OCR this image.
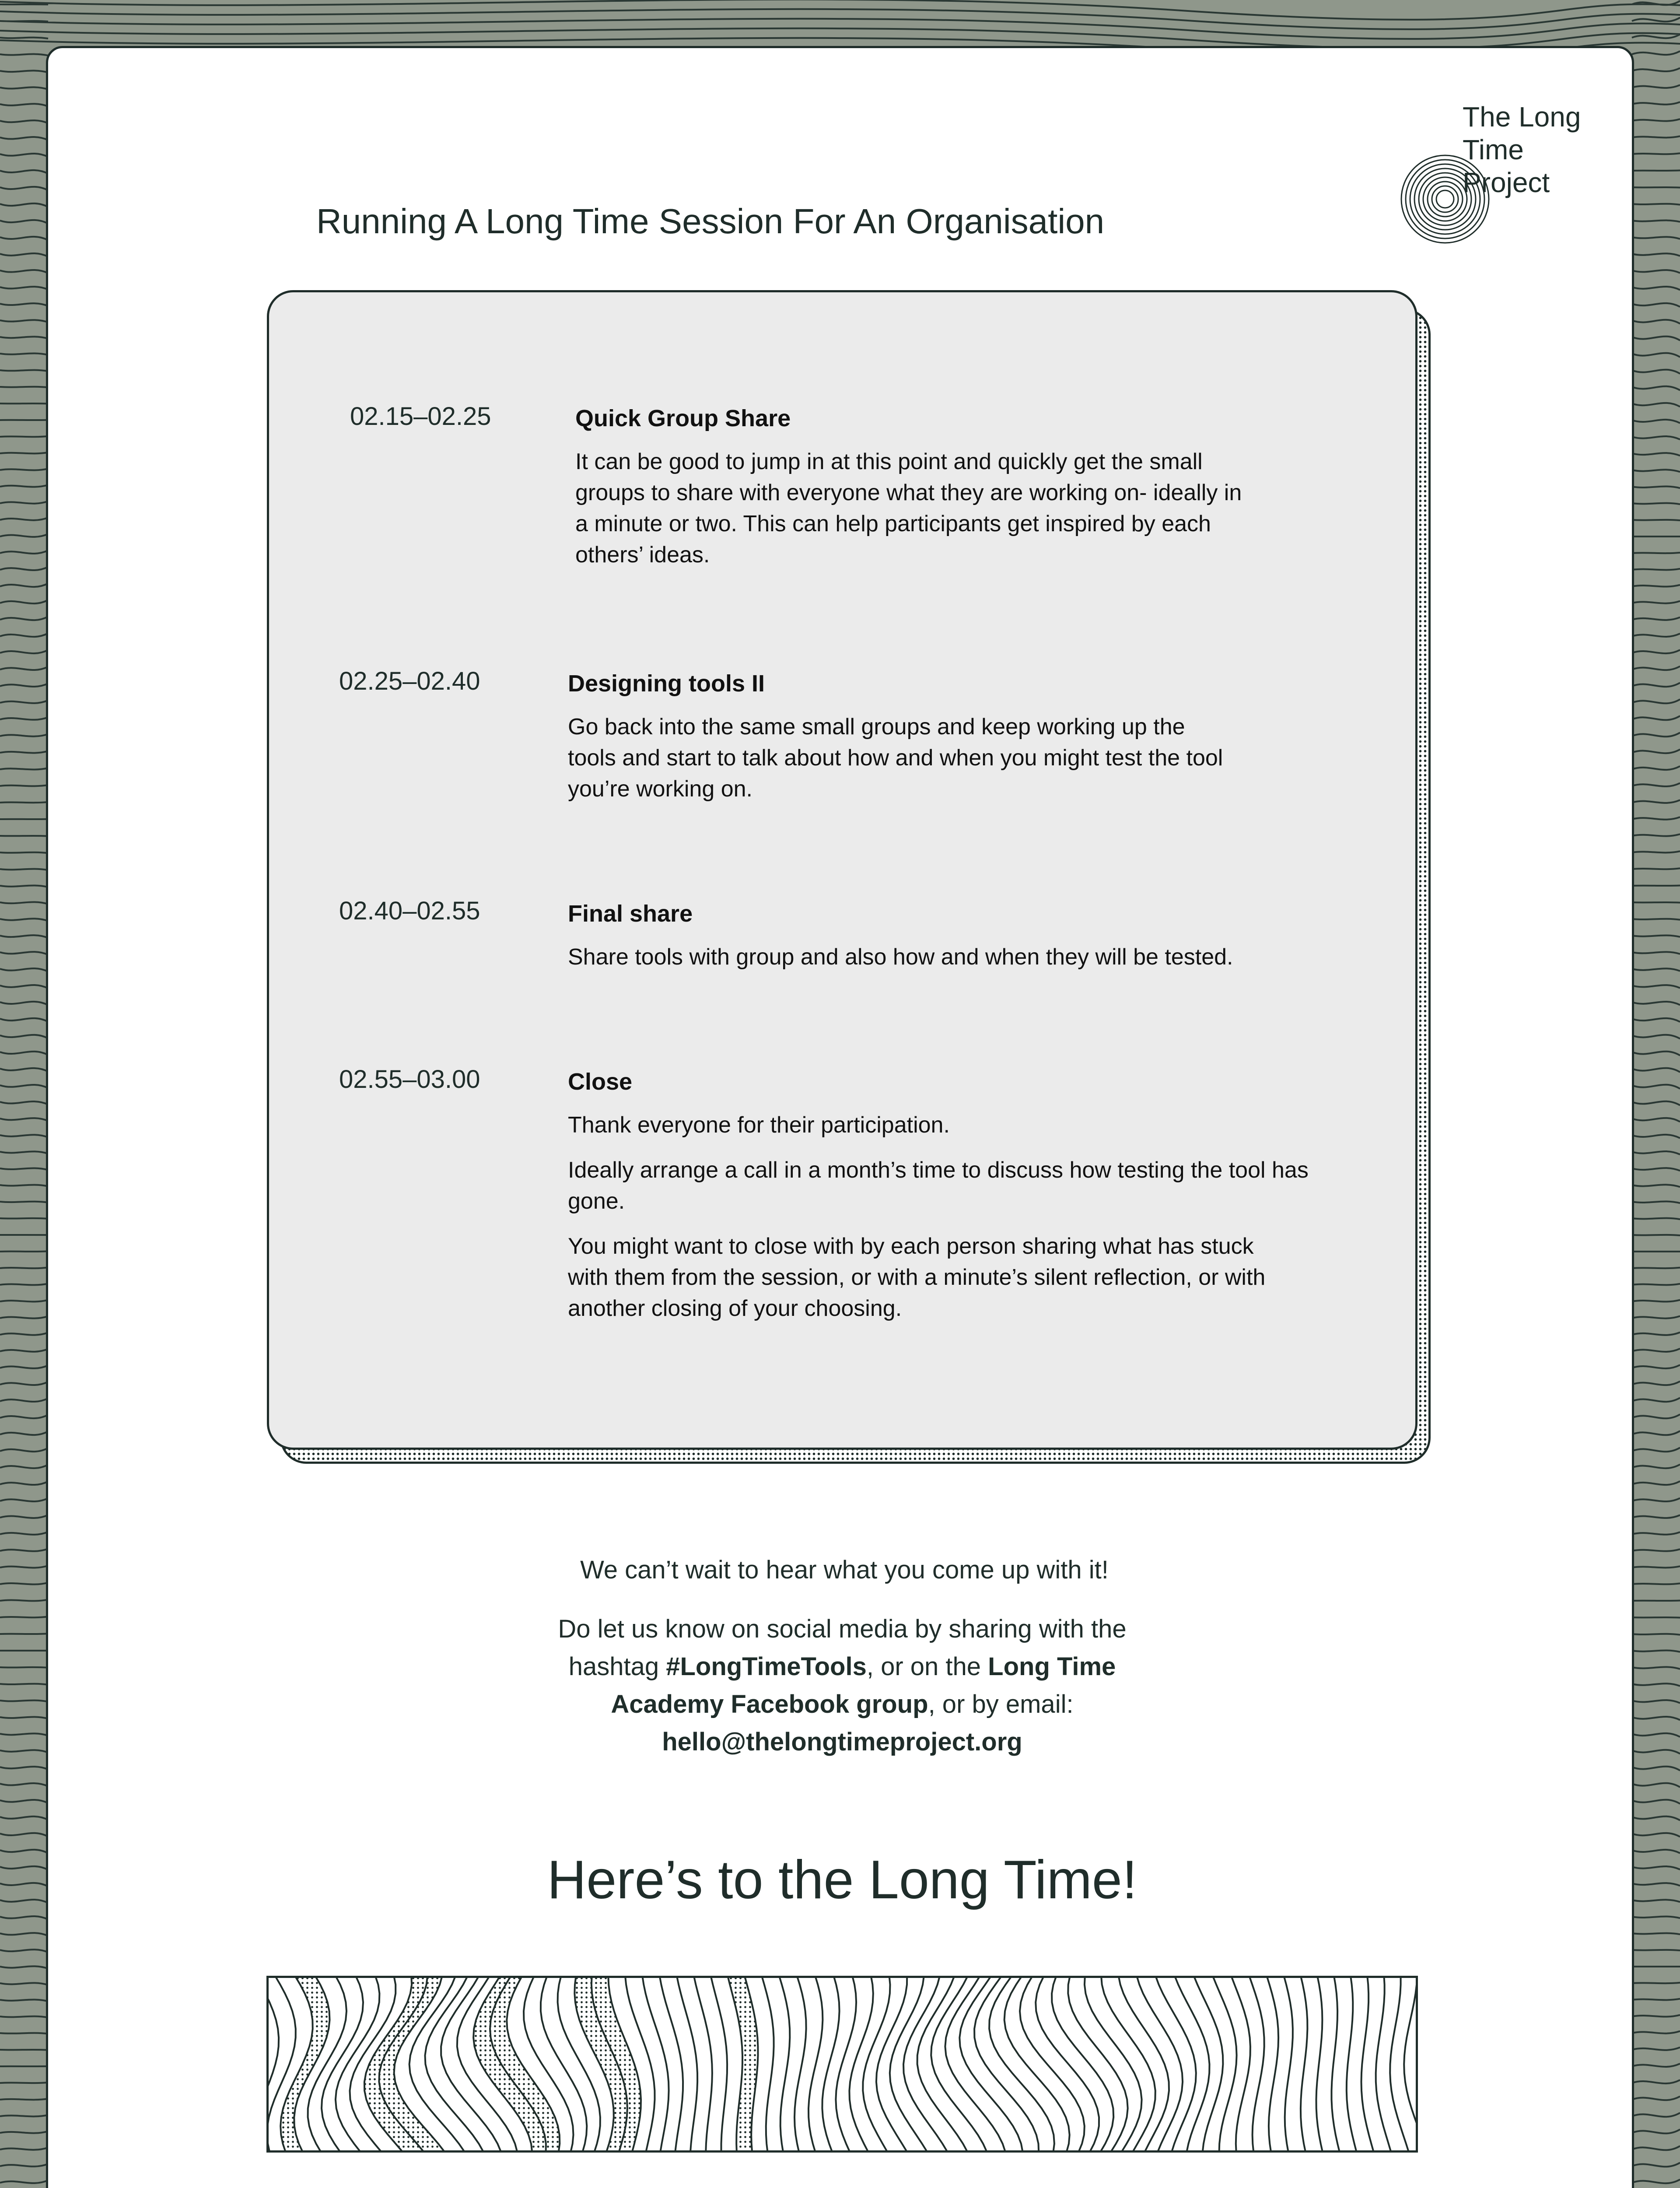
The Long
Time
Project
Running A Long Time Session For An Organisation
02.15–02.25	Quick Group Share

It can be good to jump in at this point and quickly get the small groups to share with everyone what they are working on- ideally in a minute or two. This can help participants get inspired by each others’ ideas.

02.25–02.40	Designing tools II

Go back into the same small groups and keep working up the tools and start to talk about how and when you might test the tool you’re working on.

02.40–02.55	Final share

Share tools with group and also how and when they will be tested.

02.55–03.00	Close

Thank everyone for their participation.

Ideally arrange a call in a month’s time to discuss how testing the tool has gone.

You might want to close with by each person sharing what has stuck with them from the session, or with a minute’s silent reflection, or with another closing of your choosing.

We can’t wait to hear what you come up with it!

Do let us know on social media by sharing with the hashtag #LongTimeTools, or on the Long Time Academy Facebook group, or by email: hello@thelongtimeproject.org

Here’s to the Long Time!
